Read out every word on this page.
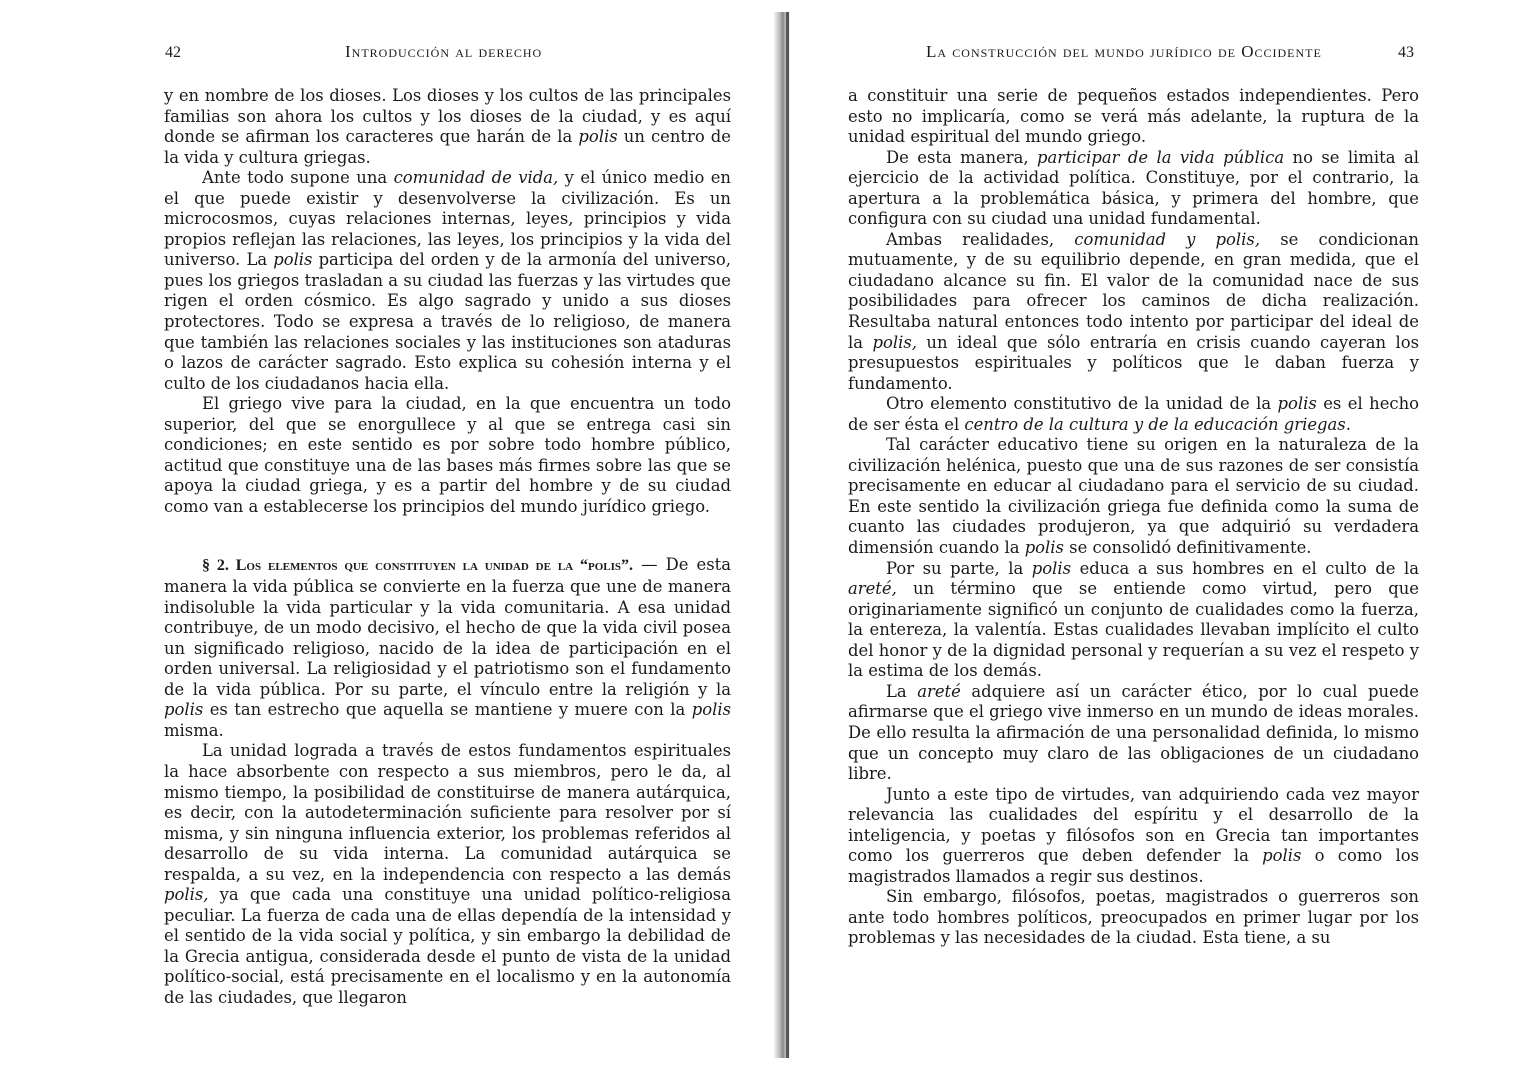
42	Introducción al derecho

y en nombre de los dioses. Los dioses y los cultos de las principales familias son ahora los cultos y los dioses de la ciudad, y es aquí donde se afirman los caracteres que harán de la polis un centro de la vida y cultura griegas.

Ante todo supone una comunidad de vida, y el único medio en el que puede existir y desenvolverse la civilización. Es un microcosmos, cuyas relaciones internas, leyes, principios y vida propios reflejan las relaciones, las leyes, los principios y la vida del universo. La polis participa del orden y de la armonía del universo, pues los griegos trasladan a su ciudad las fuerzas y las virtudes que rigen el orden cósmico. Es algo sagrado y unido a sus dioses protectores. Todo se expresa a través de lo religioso, de manera que también las relaciones sociales y las instituciones son ataduras o lazos de carácter sagrado. Esto explica su cohesión interna y el culto de los ciudadanos hacia ella.

El griego vive para la ciudad, en la que encuentra un todo superior, del que se enorgullece y al que se entrega casi sin condiciones; en este sentido es por sobre todo hombre público, actitud que constituye una de las bases más firmes sobre las que se apoya la ciudad griega, y es a partir del hombre y de su ciudad como van a establecerse los principios del mundo jurídico griego.

§ 2. Los elementos que constituyen la unidad de la “polis”. — De esta manera la vida pública se convierte en la fuerza que une de manera indisoluble la vida particular y la vida comunitaria. A esa unidad contribuye, de un modo decisivo, el hecho de que la vida civil posea un significado religioso, nacido de la idea de participación en el orden universal. La religiosidad y el patriotismo son el fundamento de la vida pública. Por su parte, el vínculo entre la religión y la polis es tan estrecho que aquella se mantiene y muere con la polis misma.

La unidad lograda a través de estos fundamentos espirituales la hace absorbente con respecto a sus miembros, pero le da, al mismo tiempo, la posibilidad de constituirse de manera autárquica, es decir, con la autodeterminación suficiente para resolver por sí misma, y sin ninguna influencia exterior, los problemas referidos al desarrollo de su vida interna. La comunidad autárquica se respalda, a su vez, en la independencia con respecto a las demás polis, ya que cada una constituye una unidad político-religiosa peculiar. La fuerza de cada una de ellas dependía de la intensidad y el sentido de la vida social y política, y sin embargo la debilidad de la Grecia antigua, considerada desde el punto de vista de la unidad político-social, está precisamente en el localismo y en la autonomía de las ciudades, que llegaron

La construcción del mundo jurídico de Occidente	43

a constituir una serie de pequeños estados independientes. Pero esto no implicaría, como se verá más adelante, la ruptura de la unidad espiritual del mundo griego.

De esta manera, participar de la vida pública no se limita al ejercicio de la actividad política. Constituye, por el contrario, la apertura a la problemática básica, y primera del hombre, que configura con su ciudad una unidad fundamental.

Ambas realidades, comunidad y polis, se condicionan mutuamente, y de su equilibrio depende, en gran medida, que el ciudadano alcance su fin. El valor de la comunidad nace de sus posibilidades para ofrecer los caminos de dicha realización. Resultaba natural entonces todo intento por participar del ideal de la polis, un ideal que sólo entraría en crisis cuando cayeran los presupuestos espirituales y políticos que le daban fuerza y fundamento.

Otro elemento constitutivo de la unidad de la polis es el hecho de ser ésta el centro de la cultura y de la educación griegas.

Tal carácter educativo tiene su origen en la naturaleza de la civilización helénica, puesto que una de sus razones de ser consistía precisamente en educar al ciudadano para el servicio de su ciudad. En este sentido la civilización griega fue definida como la suma de cuanto las ciudades produjeron, ya que adquirió su verdadera dimensión cuando la polis se consolidó definitivamente.

Por su parte, la polis educa a sus hombres en el culto de la areté, un término que se entiende como virtud, pero que originariamente significó un conjunto de cualidades como la fuerza, la entereza, la valentía. Estas cualidades llevaban implícito el culto del honor y de la dignidad personal y requerían a su vez el respeto y la estima de los demás.

La areté adquiere así un carácter ético, por lo cual puede afirmarse que el griego vive inmerso en un mundo de ideas morales. De ello resulta la afirmación de una personalidad definida, lo mismo que un concepto muy claro de las obligaciones de un ciudadano libre.

Junto a este tipo de virtudes, van adquiriendo cada vez mayor relevancia las cualidades del espíritu y el desarrollo de la inteligencia, y poetas y filósofos son en Grecia tan importantes como los guerreros que deben defender la polis o como los magistrados llamados a regir sus destinos.

Sin embargo, filósofos, poetas, magistrados o guerreros son ante todo hombres políticos, preocupados en primer lugar por los problemas y las necesidades de la ciudad. Esta tiene, a su
